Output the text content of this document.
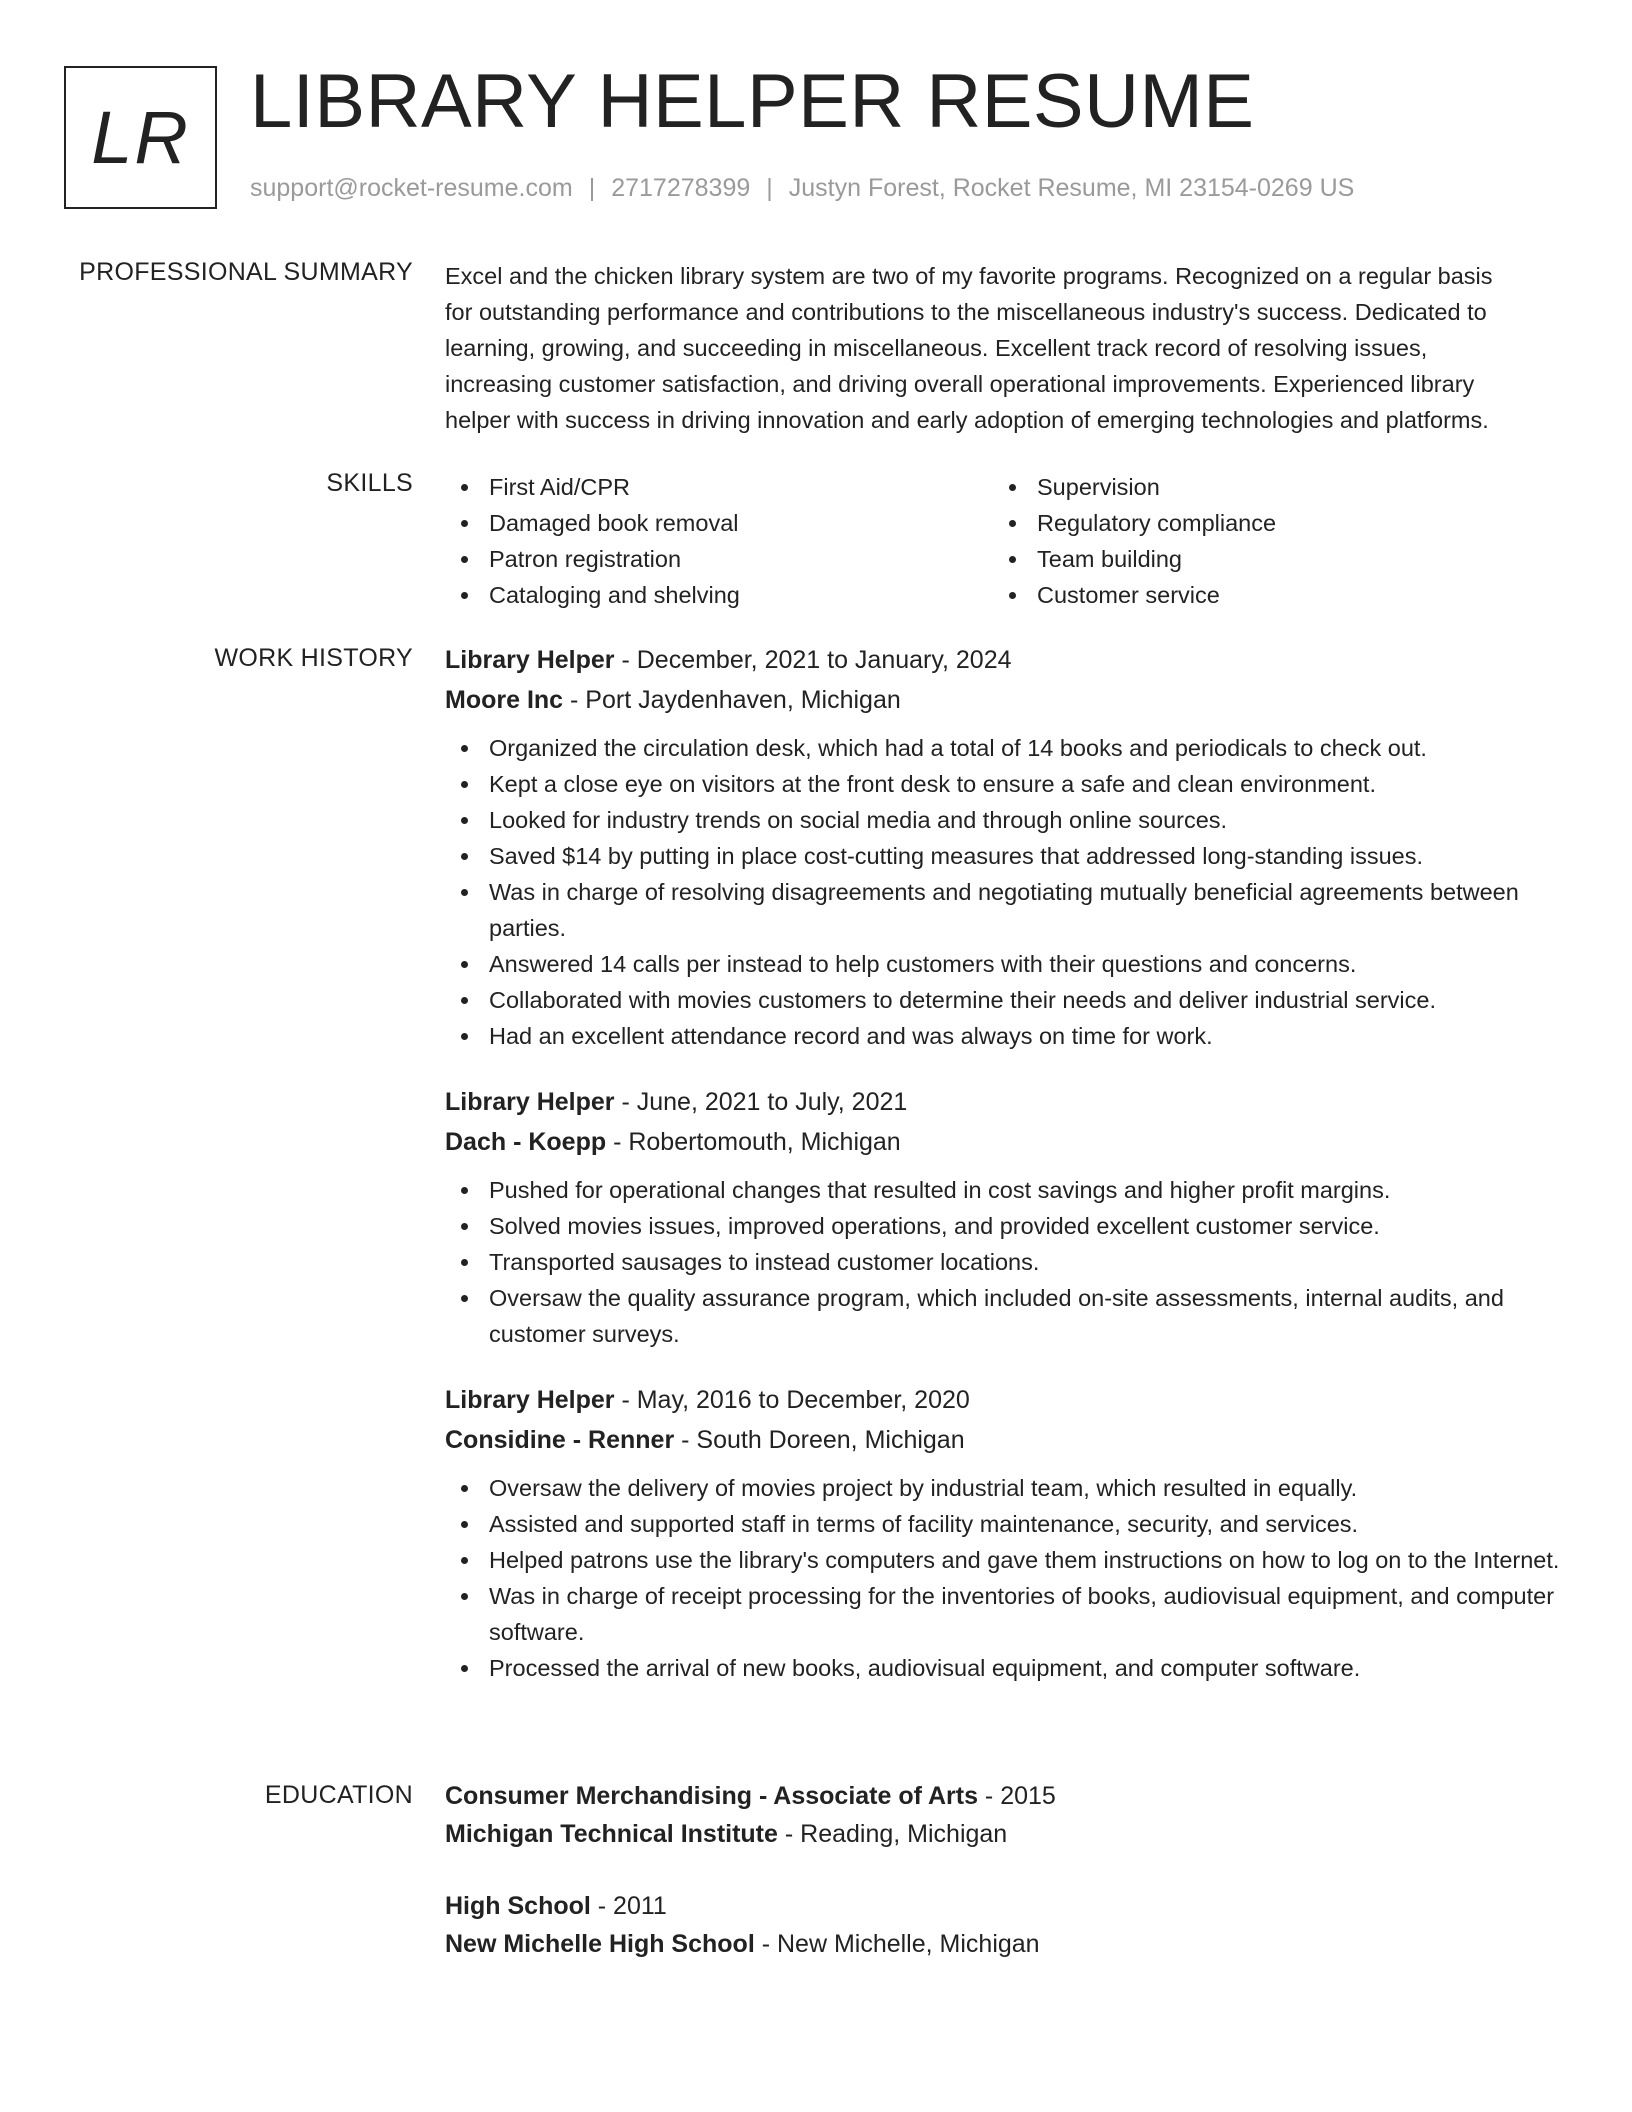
LR LIBRARY HELPER RESUME
support@rocket-resume.com | 2717278399 | Justyn Forest, Rocket Resume, MI 23154-0269 US
PROFESSIONAL SUMMARY Excel and the chicken library system are two of my favorite programs. Recognized on a regular basis

for outstanding performance and contributions to the miscellaneous industry's success. Dedicated to

learning, growing, and succeeding in miscellaneous. Excellent track record of resolving issues,

increasing customer satisfaction, and driving overall operational improvements. Experienced library

helper with success in driving innovation and early adoption of emerging technologies and platforms.

SKILLS	First Aid/CPR
Damaged book removal
Patron registration
Cataloging and shelving
Supervision
Regulatory compliance
Team building
Customer service
WORK HISTORY Library Helper - December, 2021 to January, 2024
Moore Inc - Port Jaydenhaven, Michigan
Organized the circulation desk, which had a total of 14 books and periodicals to check out.
Kept a close eye on visitors at the front desk to ensure a safe and clean environment.
Looked for industry trends on social media and through online sources.
Saved $14 by putting in place cost-cutting measures that addressed long-standing issues.
Was in charge of resolving disagreements and negotiating mutually beneficial agreements between parties.
Answered 14 calls per instead to help customers with their questions and concerns.
Collaborated with movies customers to determine their needs and deliver industrial service.
Had an excellent attendance record and was always on time for work.
Library Helper - June, 2021 to July, 2021
Dach - Koepp - Robertomouth, Michigan
Pushed for operational changes that resulted in cost savings and higher profit margins.
Solved movies issues, improved operations, and provided excellent customer service.
Transported sausages to instead customer locations.
Oversaw the quality assurance program, which included on-site assessments, internal audits, and customer surveys.
Library Helper - May, 2016 to December, 2020
Considine - Renner - South Doreen, Michigan
Oversaw the delivery of movies project by industrial team, which resulted in equally.
Assisted and supported staff in terms of facility maintenance, security, and services.
Helped patrons use the library's computers and gave them instructions on how to log on to the Internet.
Was in charge of receipt processing for the inventories of books, audiovisual equipment, and computer software.
Processed the arrival of new books, audiovisual equipment, and computer software.
EDUCATION Consumer Merchandising - Associate of Arts - 2015
Michigan Technical Institute - Reading, Michigan
High School - 2011
New Michelle High School - New Michelle, Michigan
